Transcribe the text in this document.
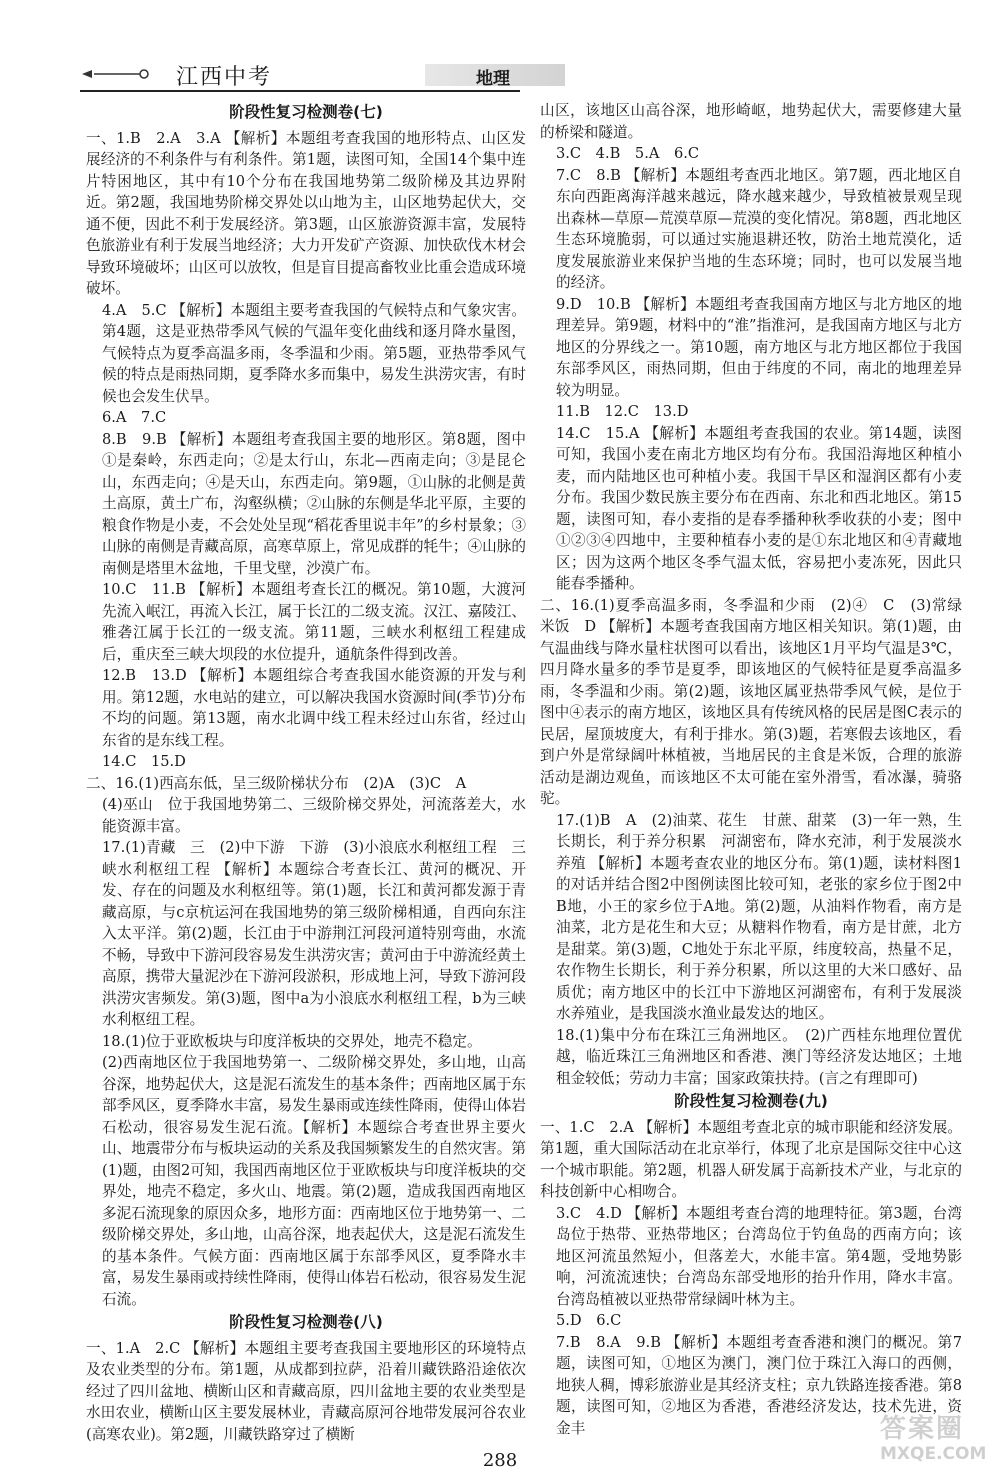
江西中考	地理

阶段性复习检测卷(七)

一、1.B　2.A　3.A 【解析】本题组考查我国的地形特点、山区发展经济的不利条件与有利条件。第1题，读图可知，全国14个集中连片特困地区，其中有10个分布在我国地势第二级阶梯及其边界附近。第2题，我国地势阶梯交界处以山地为主，山区地势起伏大，交通不便，因此不利于发展经济。第3题，山区旅游资源丰富，发展特色旅游业有利于发展当地经济；大力开发矿产资源、加快砍伐木材会导致环境破坏；山区可以放牧，但是盲目提高畜牧业比重会造成环境破坏。

4.A　5.C 【解析】本题组主要考查我国的气候特点和气象灾害。第4题，这是亚热带季风气候的气温年变化曲线和逐月降水量图，气候特点为夏季高温多雨，冬季温和少雨。第5题，亚热带季风气候的特点是雨热同期，夏季降水多而集中，易发生洪涝灾害，有时候也会发生伏旱。

6.A　7.C

8.B　9.B 【解析】本题组考查我国主要的地形区。第8题，图中①是秦岭，东西走向；②是太行山，东北—西南走向；③是昆仑山，东西走向；④是天山，东西走向。第9题，①山脉的北侧是黄土高原，黄土广布，沟壑纵横；②山脉的东侧是华北平原，主要的粮食作物是小麦，不会处处呈现“稻花香里说丰年”的乡村景象；③山脉的南侧是青藏高原，高寒草原上，常见成群的牦牛；④山脉的南侧是塔里木盆地，千里戈壁，沙漠广布。

10.C　11.B 【解析】本题组考查长江的概况。第10题，大渡河先流入岷江，再流入长江，属于长江的二级支流。汉江、嘉陵江、雅砻江属于长江的一级支流。第11题，三峡水利枢纽工程建成后，重庆至三峡大坝段的水位提升，通航条件得到改善。

12.B　13.D 【解析】本题组综合考查我国水能资源的开发与利用。第12题，水电站的建立，可以解决我国水资源时间(季节)分布不均的问题。第13题，南水北调中线工程未经过山东省，经过山东省的是东线工程。

14.C　15.D

二、16.(1)西高东低，呈三级阶梯状分布　(2)A　(3)C　A

(4)巫山　位于我国地势第二、三级阶梯交界处，河流落差大，水能资源丰富。

17.(1)青藏　三　(2)中下游　下游　(3)小浪底水利枢纽工程　三峡水利枢纽工程 【解析】本题综合考查长江、黄河的概况、开发、存在的问题及水利枢纽等。第(1)题，长江和黄河都发源于青藏高原，与c京杭运河在我国地势的第三级阶梯相通，自西向东注入太平洋。第(2)题，长江由于中游荆江河段河道特别弯曲，水流不畅，导致中下游河段容易发生洪涝灾害；黄河由于中游流经黄土高原，携带大量泥沙在下游河段淤积，形成地上河，导致下游河段洪涝灾害频发。第(3)题，图中a为小浪底水利枢纽工程，b为三峡水利枢纽工程。

18.(1)位于亚欧板块与印度洋板块的交界处，地壳不稳定。

(2)西南地区位于我国地势第一、二级阶梯交界处，多山地，山高谷深，地势起伏大，这是泥石流发生的基本条件；西南地区属于东部季风区，夏季降水丰富，易发生暴雨或连续性降雨，使得山体岩石松动，很容易发生泥石流。【解析】本题综合考查世界主要火山、地震带分布与板块运动的关系及我国频繁发生的自然灾害。第(1)题，由图2可知，我国西南地区位于亚欧板块与印度洋板块的交界处，地壳不稳定，多火山、地震。第(2)题，造成我国西南地区多泥石流现象的原因众多，地形方面：西南地区位于地势第一、二级阶梯交界处，多山地，山高谷深，地表起伏大，这是泥石流发生的基本条件。气候方面：西南地区属于东部季风区，夏季降水丰富，易发生暴雨或持续性降雨，使得山体岩石松动，很容易发生泥石流。

阶段性复习检测卷(八)

一、1.A　2.C 【解析】本题组主要考查我国主要地形区的环境特点及农业类型的分布。第1题，从成都到拉萨，沿着川藏铁路沿途依次经过了四川盆地、横断山区和青藏高原，四川盆地主要的农业类型是水田农业，横断山区主要发展林业，青藏高原河谷地带发展河谷农业(高寒农业)。第2题，川藏铁路穿过了横断

山区，该地区山高谷深，地形崎岖，地势起伏大，需要修建大量的桥梁和隧道。

3.C　4.B　5.A　6.C

7.C　8.B 【解析】本题组考查西北地区。第7题，西北地区自东向西距离海洋越来越远，降水越来越少，导致植被景观呈现出森林—草原—荒漠草原—荒漠的变化情况。第8题，西北地区生态环境脆弱，可以通过实施退耕还牧，防治土地荒漠化，适度发展旅游业来保护当地的生态环境；同时，也可以发展当地的经济。

9.D　10.B 【解析】本题组考查我国南方地区与北方地区的地理差异。第9题，材料中的“淮”指淮河，是我国南方地区与北方地区的分界线之一。第10题，南方地区与北方地区都位于我国东部季风区，雨热同期，但由于纬度的不同，南北的地理差异较为明显。

11.B　12.C　13.D

14.C　15.A 【解析】本题组考查我国的农业。第14题，读图可知，我国小麦在南北方地区均有分布。我国沿海地区种植小麦，而内陆地区也可种植小麦。我国干旱区和湿润区都有小麦分布。我国少数民族主要分布在西南、东北和西北地区。第15题，读图可知，春小麦指的是春季播种秋季收获的小麦；图中①②③④四地中，主要种植春小麦的是①东北地区和④青藏地区；因为这两个地区冬季气温太低，容易把小麦冻死，因此只能春季播种。

二、16.(1)夏季高温多雨，冬季温和少雨　(2)④　C　(3)常绿　米饭　D 【解析】本题考查我国南方地区相关知识。第(1)题，由气温曲线与降水量柱状图可以看出，该地区1月平均气温是3℃，四月降水量多的季节是夏季，即该地区的气候特征是夏季高温多雨，冬季温和少雨。第(2)题，该地区属亚热带季风气候，是位于图中④表示的南方地区，该地区具有传统风格的民居是图C表示的民居，屋顶坡度大，有利于排水。第(3)题，若寒假去该地区，看到户外是常绿阔叶林植被，当地居民的主食是米饭，合理的旅游活动是湖边观鱼，而该地区不太可能在室外滑雪，看冰瀑，骑骆驼。

17.(1)B　A　(2)油菜、花生　甘蔗、甜菜　(3)一年一熟，生长期长，利于养分积累　河湖密布，降水充沛，利于发展淡水养殖 【解析】本题考查农业的地区分布。第(1)题，读材料图1的对话并结合图2中图例读图比较可知，老张的家乡位于图2中B地，小王的家乡位于A地。第(2)题，从油料作物看，南方是油菜，北方是花生和大豆；从糖料作物看，南方是甘蔗，北方是甜菜。第(3)题，C地处于东北平原，纬度较高，热量不足，农作物生长期长，利于养分积累，所以这里的大米口感好、品质优；南方地区中的长江中下游地区河湖密布，有利于发展淡水养殖业，是我国淡水渔业最发达的地区。

18.(1)集中分布在珠江三角洲地区。　(2)广西桂东地理位置优越，临近珠江三角洲地区和香港、澳门等经济发达地区；土地租金较低；劳动力丰富；国家政策扶持。(言之有理即可)

阶段性复习检测卷(九)

一、1.C　2.A 【解析】本题组考查北京的城市职能和经济发展。第1题，重大国际活动在北京举行，体现了北京是国际交往中心这一个城市职能。第2题，机器人研发属于高新技术产业，与北京的科技创新中心相吻合。

3.C　4.D 【解析】本题组考查台湾的地理特征。第3题，台湾岛位于热带、亚热带地区；台湾岛位于钓鱼岛的西南方向；该地区河流虽然短小，但落差大，水能丰富。第4题，受地势影响，河流流速快；台湾岛东部受地形的抬升作用，降水丰富。台湾岛植被以亚热带常绿阔叶林为主。

5.D　6.C

7.B　8.A　9.B 【解析】本题组考查香港和澳门的概况。第7题，读图可知，①地区为澳门，澳门位于珠江入海口的西侧，地狭人稠，博彩旅游业是其经济支柱；京九铁路连接香港。第8题，读图可知，②地区为香港，香港经济发达，技术先进，资金丰

288
答案圈
MXQE.COM
